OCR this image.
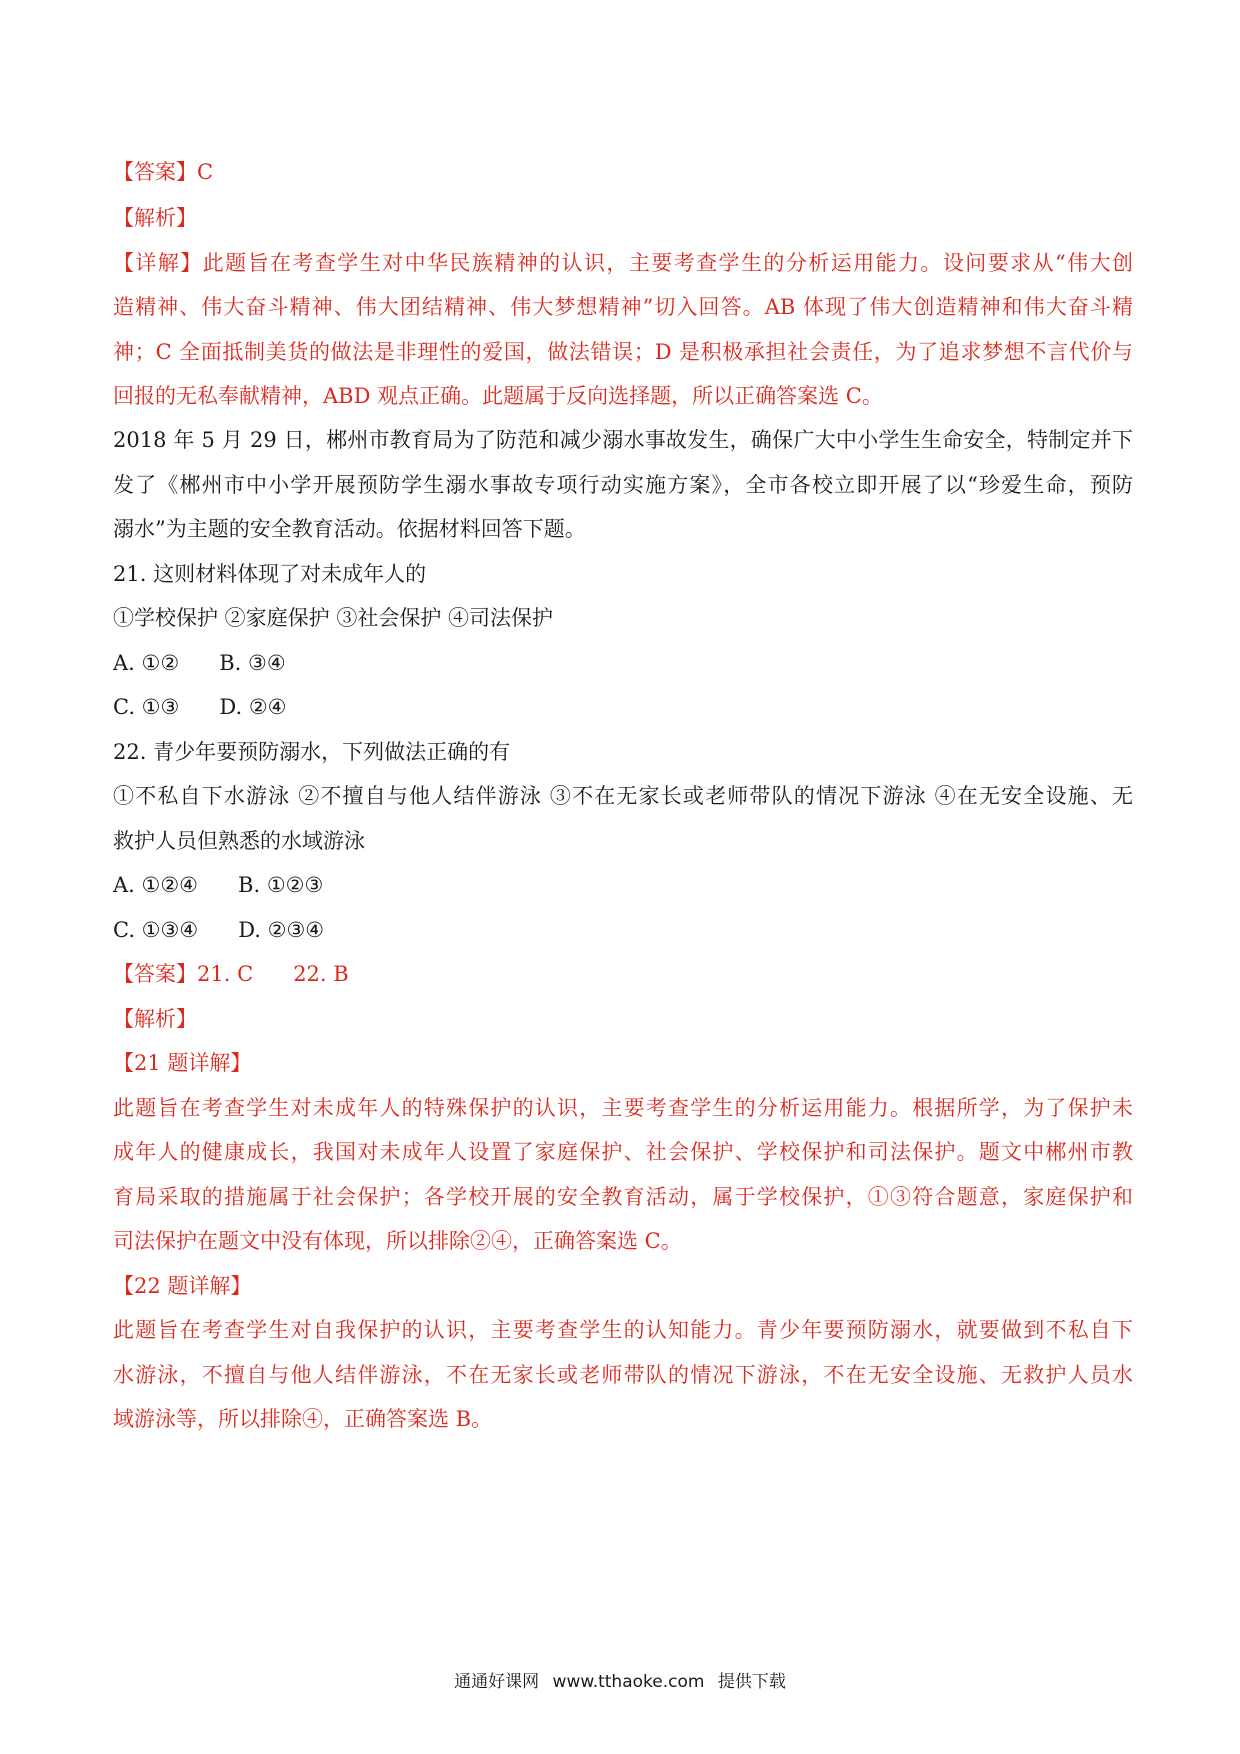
【答案】C
【解析】
【详解】此题旨在考查学生对中华民族精神的认识，主要考查学生的分析运用能力。设问要求从“伟大创
造精神、伟大奋斗精神、伟大团结精神、伟大梦想精神”切入回答。AB 体现了伟大创造精神和伟大奋斗精
神；C 全面抵制美货的做法是非理性的爱国，做法错误；D 是积极承担社会责任，为了追求梦想不言代价与
回报的无私奉献精神，ABD 观点正确。此题属于反向选择题，所以正确答案选 C。
2018 年 5 月 29 日，郴州市教育局为了防范和减少溺水事故发生，确保广大中小学生生命安全，特制定并下
发了《郴州市中小学开展预防学生溺水事故专项行动实施方案》，全市各校立即开展了以“珍爱生命，预防
溺水”为主题的安全教育活动。依据材料回答下题。
21. 这则材料体现了对未成年人的
①学校保护 ②家庭保护 ③社会保护 ④司法保护
A. ①②      B. ③④
C. ①③      D. ②④
22. 青少年要预防溺水，下列做法正确的有
①不私自下水游泳 ②不擅自与他人结伴游泳 ③不在无家长或老师带队的情况下游泳 ④在无安全设施、无
救护人员但熟悉的水域游泳
A. ①②④      B. ①②③
C. ①③④      D. ②③④
【答案】21. C      22. B
【解析】
【21 题详解】
此题旨在考查学生对未成年人的特殊保护的认识，主要考查学生的分析运用能力。根据所学，为了保护未
成年人的健康成长，我国对未成年人设置了家庭保护、社会保护、学校保护和司法保护。题文中郴州市教
育局采取的措施属于社会保护；各学校开展的安全教育活动，属于学校保护，①③符合题意，家庭保护和
司法保护在题文中没有体现，所以排除②④，正确答案选 C。
【22 题详解】
此题旨在考查学生对自我保护的认识，主要考查学生的认知能力。青少年要预防溺水，就要做到不私自下
水游泳，不擅自与他人结伴游泳，不在无家长或老师带队的情况下游泳，不在无安全设施、无救护人员水
域游泳等，所以排除④，正确答案选 B。
通通好课网 www.tthaoke.com 提供下载
